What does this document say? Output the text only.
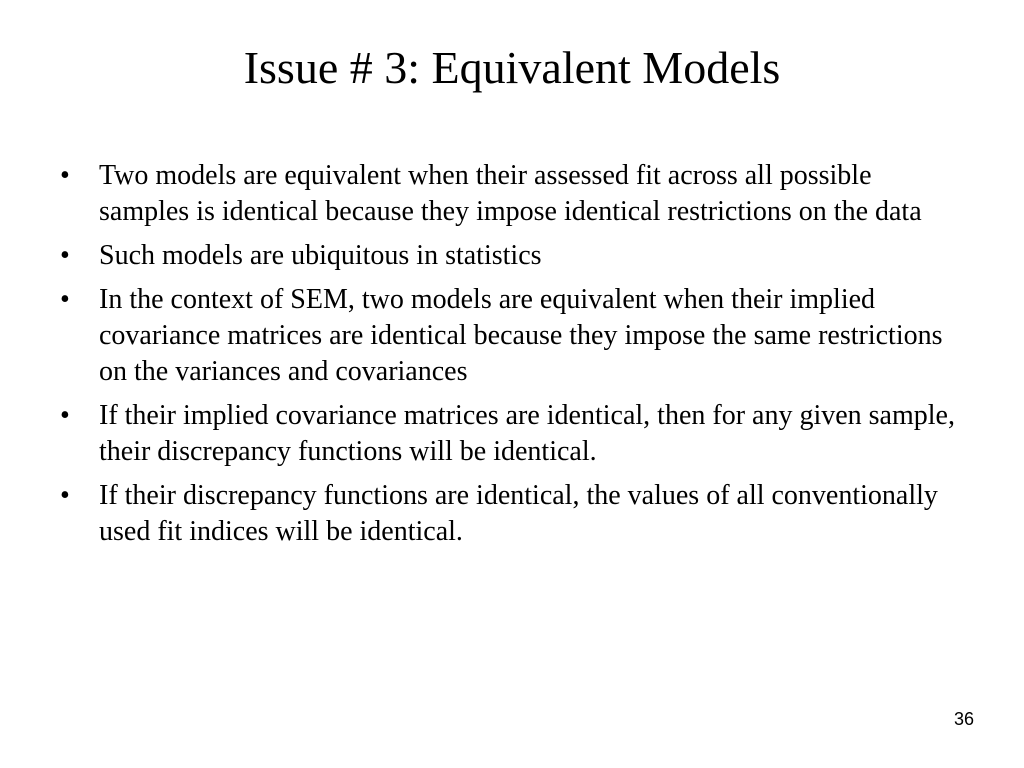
Issue # 3: Equivalent Models
•	Two models are equivalent when their assessed fit across all possible samples is identical because they impose identical restrictions on the data
•	Such models are ubiquitous in statistics
•	In the context of SEM, two models are equivalent when their implied covariance matrices are identical because they impose the same restrictions on the variances and covariances
•	If their implied covariance matrices are identical, then for any given sample, their discrepancy functions will be identical.
•	If their discrepancy functions are identical, the values of all conventionally used fit indices will be identical.
36
